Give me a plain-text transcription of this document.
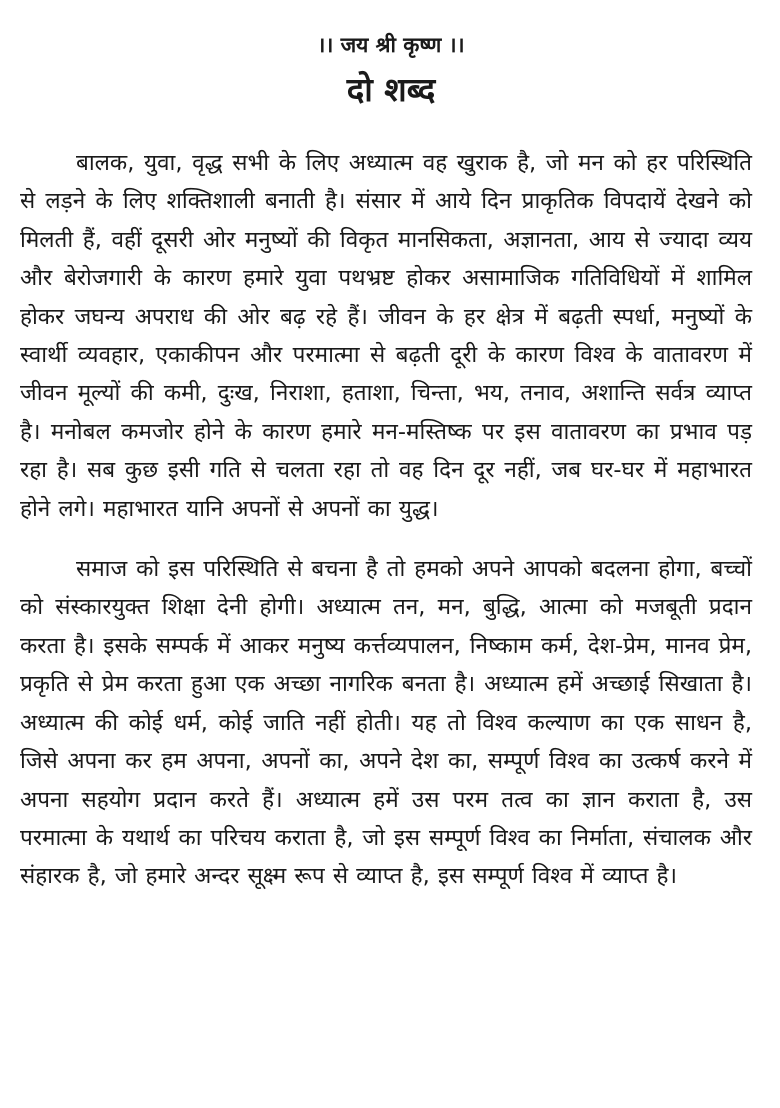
।। जय श्री कृष्ण ।।

दो शब्द

बालक, युवा, वृद्ध सभी के लिए अध्यात्म वह खुराक है, जो मन को हर परिस्थिति से लड़ने के लिए शक्तिशाली बनाती है। संसार में आये दिन प्राकृतिक विपदायें देखने को मिलती हैं, वहीं दूसरी ओर मनुष्यों की विकृत मानसिकता, अज्ञानता, आय से ज्यादा व्यय और बेरोजगारी के कारण हमारे युवा पथभ्रष्ट होकर असामाजिक गतिविधियों में शामिल होकर जघन्य अपराध की ओर बढ़ रहे हैं। जीवन के हर क्षेत्र में बढ़ती स्पर्धा, मनुष्यों के स्वार्थी व्यवहार, एकाकीपन और परमात्मा से बढ़ती दूरी के कारण विश्व के वातावरण में जीवन मूल्यों की कमी, दुःख, निराशा, हताशा, चिन्ता, भय, तनाव, अशान्ति सर्वत्र व्याप्त है। मनोबल कमजोर होने के कारण हमारे मन-मस्तिष्क पर इस वातावरण का प्रभाव पड़ रहा है। सब कुछ इसी गति से चलता रहा तो वह दिन दूर नहीं, जब घर-घर में महाभारत होने लगे। महाभारत यानि अपनों से अपनों का युद्ध।

समाज को इस परिस्थिति से बचना है तो हमको अपने आपको बदलना होगा, बच्चों को संस्कारयुक्त शिक्षा देनी होगी। अध्यात्म तन, मन, बुद्धि, आत्मा को मजबूती प्रदान करता है। इसके सम्पर्क में आकर मनुष्य कर्त्तव्यपालन, निष्काम कर्म, देश-प्रेम, मानव प्रेम, प्रकृति से प्रेम करता हुआ एक अच्छा नागरिक बनता है। अध्यात्म हमें अच्छाई सिखाता है। अध्यात्म की कोई धर्म, कोई जाति नहीं होती। यह तो विश्व कल्याण का एक साधन है, जिसे अपना कर हम अपना, अपनों का, अपने देश का, सम्पूर्ण विश्व का उत्कर्ष करने में अपना सहयोग प्रदान करते हैं। अध्यात्म हमें उस परम तत्व का ज्ञान कराता है, उस परमात्मा के यथार्थ का परिचय कराता है, जो इस सम्पूर्ण विश्व का निर्माता, संचालक और संहारक है, जो हमारे अन्दर सूक्ष्म रूप से व्याप्त है, इस सम्पूर्ण विश्व में व्याप्त है।
